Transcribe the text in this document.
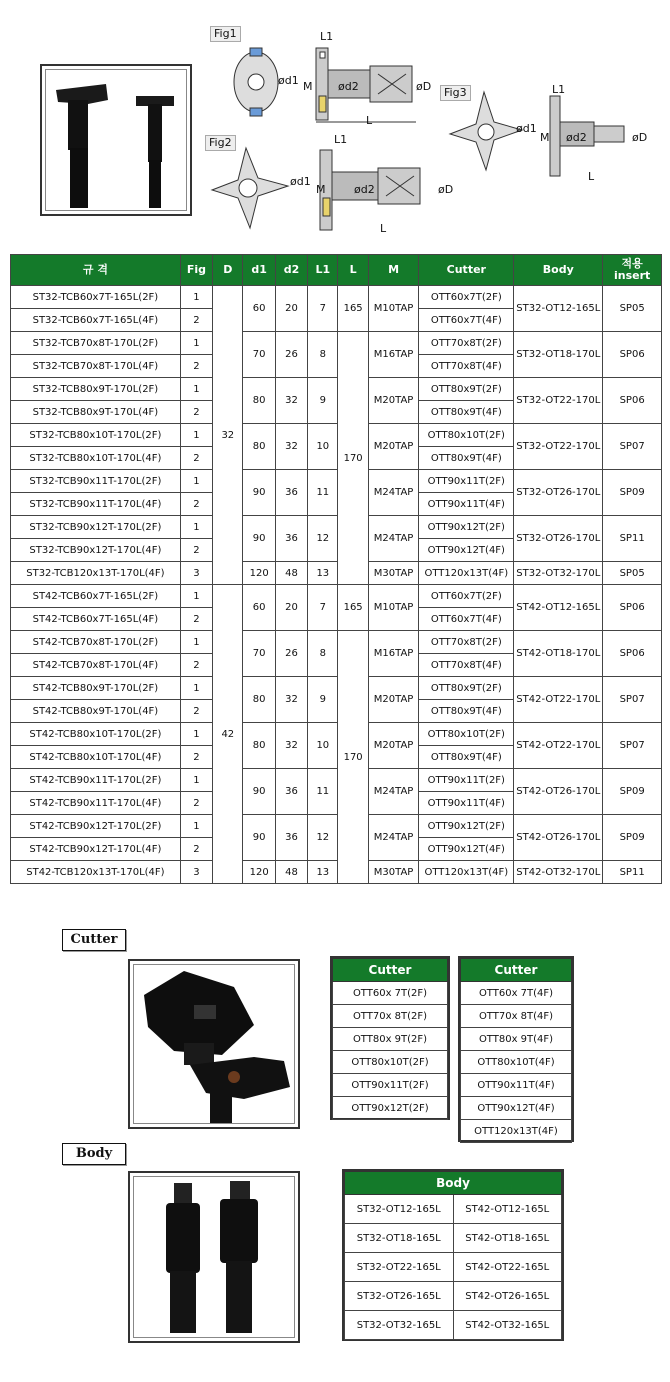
Fig1
Fig2
Fig3
L1
ød1 M ød2	øD
L
L1
ød1
M	ød2	øD
L
L1
ød1
M ød2	øD
L
규 격	Fig	D	d1	d2	L1	L	M	Cutter	Body	적용 insert
ST32-TCB60x7T-165L(2F)	1	32	60	20	7	165	M10TAP	OTT60x7T(2F)	ST32-OT12-165L	SP05
ST32-TCB60x7T-165L(4F)	2							OTT60x7T(4F)		
ST32-TCB70x8T-170L(2F)	1		70	26	8	170	M16TAP	OTT70x8T(2F)	ST32-OT18-170L	SP06
ST32-TCB70x8T-170L(4F)	2							OTT70x8T(4F)		
ST32-TCB80x9T-170L(2F)	1		80	32	9		M20TAP	OTT80x9T(2F)	ST32-OT22-170L	SP06
ST32-TCB80x9T-170L(4F)	2							OTT80x9T(4F)		
ST32-TCB80x10T-170L(2F)	1		80	32	10		M20TAP	OTT80x10T(2F)	ST32-OT22-170L	SP07
ST32-TCB80x10T-170L(4F)	2							OTT80x9T(4F)		
ST32-TCB90x11T-170L(2F)	1		90	36	11		M24TAP	OTT90x11T(2F)	ST32-OT26-170L	SP09
ST32-TCB90x11T-170L(4F)	2							OTT90x11T(4F)		
ST32-TCB90x12T-170L(2F)	1		90	36	12		M24TAP	OTT90x12T(2F)	ST32-OT26-170L	SP11
ST32-TCB90x12T-170L(4F)	2							OTT90x12T(4F)		
ST32-TCB120x13T-170L(4F)	3		120	48	13		M30TAP	OTT120x13T(4F)	ST32-OT32-170L	SP05
ST42-TCB60x7T-165L(2F)	1	42	60	20	7	165	M10TAP	OTT60x7T(2F)	ST42-OT12-165L	SP06
ST42-TCB60x7T-165L(4F)	2							OTT60x7T(4F)		
ST42-TCB70x8T-170L(2F)	1		70	26	8	170	M16TAP	OTT70x8T(2F)	ST42-OT18-170L	SP06
ST42-TCB70x8T-170L(4F)	2							OTT70x8T(4F)		
ST42-TCB80x9T-170L(2F)	1		80	32	9		M20TAP	OTT80x9T(2F)	ST42-OT22-170L	SP07
ST42-TCB80x9T-170L(4F)	2							OTT80x9T(4F)		
ST42-TCB80x10T-170L(2F)	1		80	32	10		M20TAP	OTT80x10T(2F)	ST42-OT22-170L	SP07
ST42-TCB80x10T-170L(4F)	2							OTT80x9T(4F)		
ST42-TCB90x11T-170L(2F)	1		90	36	11		M24TAP	OTT90x11T(2F)	ST42-OT26-170L	SP09
ST42-TCB90x11T-170L(4F)	2							OTT90x11T(4F)		
ST42-TCB90x12T-170L(2F)	1		90	36	12		M24TAP	OTT90x12T(2F)	ST42-OT26-170L	SP09
ST42-TCB90x12T-170L(4F)	2							OTT90x12T(4F)		
ST42-TCB120x13T-170L(4F)	3		120	48	13		M30TAP	OTT120x13T(4F)	ST42-OT32-170L	SP11
Cutter
Cutter
OTT60x 7T(2F)
OTT70x 8T(2F)
OTT80x 9T(2F)
OTT80x10T(2F)
OTT90x11T(2F)
OTT90x12T(2F)
Cutter
OTT60x 7T(4F)
OTT70x 8T(4F)
OTT80x 9T(4F)
OTT80x10T(4F)
OTT90x11T(4F)
OTT90x12T(4F)
OTT120x13T(4F)
Body
Body	
ST32-OT12-165L	ST42-OT12-165L
ST32-OT18-165L	ST42-OT18-165L
ST32-OT22-165L	ST42-OT22-165L
ST32-OT26-165L	ST42-OT26-165L
ST32-OT32-165L	ST42-OT32-165L
